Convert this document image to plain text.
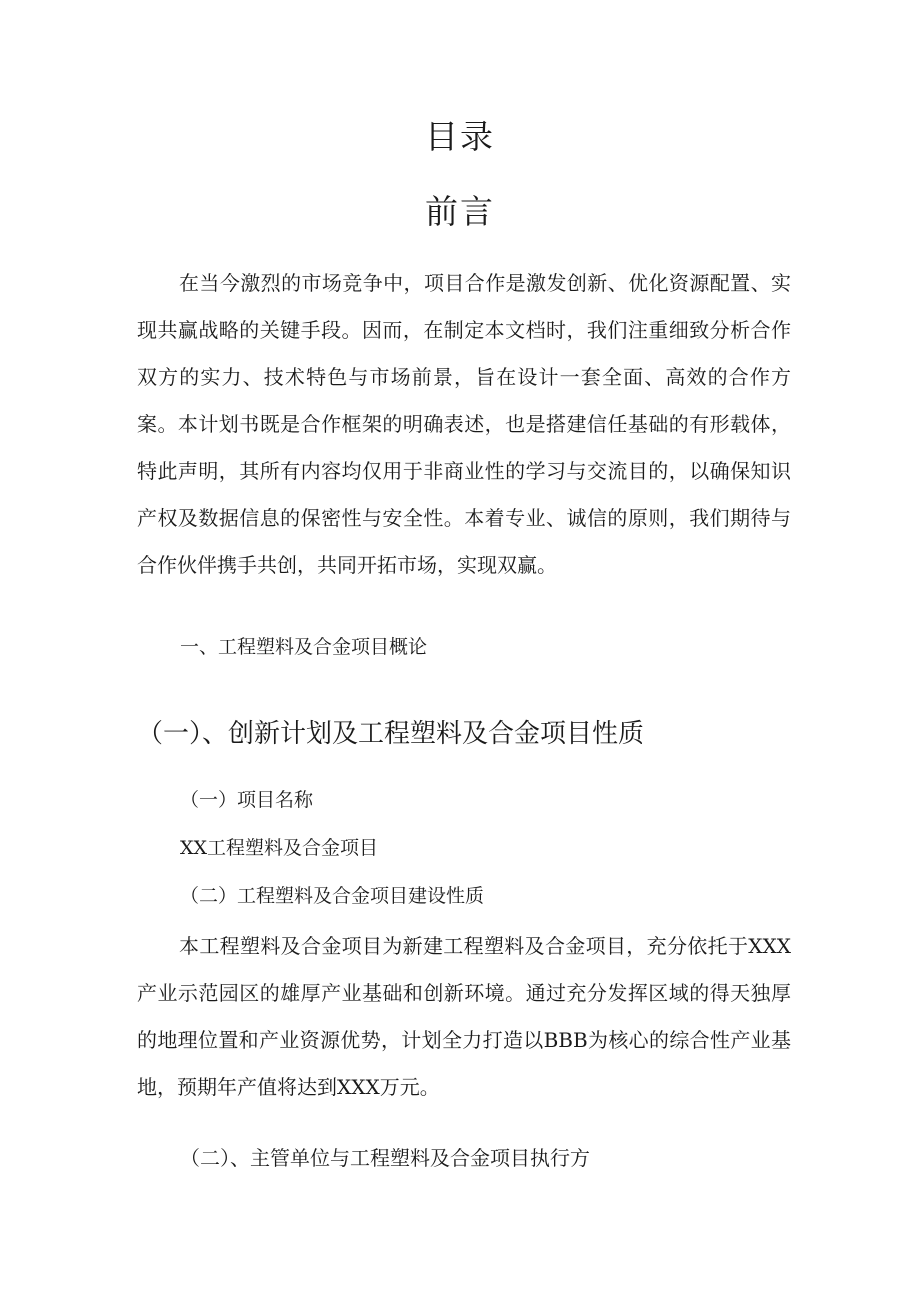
目录
前言

在当今激烈的市场竞争中，项目合作是激发创新、优化资源配置、实现共赢战略的关键手段。因而，在制定本文档时，我们注重细致分析合作双方的实力、技术特色与市场前景，旨在设计一套全面、高效的合作方案。本计划书既是合作框架的明确表述，也是搭建信任基础的有形载体，特此声明，其所有内容均仅用于非商业性的学习与交流目的，以确保知识产权及数据信息的保密性与安全性。本着专业、诚信的原则，我们期待与合作伙伴携手共创，共同开拓市场，实现双赢。

一、工程塑料及合金项目概论
（一）、创新计划及工程塑料及合金项目性质
（一）项目名称
XX工程塑料及合金项目
（二）工程塑料及合金项目建设性质

本工程塑料及合金项目为新建工程塑料及合金项目，充分依托于XXX产业示范园区的雄厚产业基础和创新环境。通过充分发挥区域的得天独厚的地理位置和产业资源优势，计划全力打造以BBB为核心的综合性产业基地，预期年产值将达到XXX万元。

（二）、主管单位与工程塑料及合金项目执行方
